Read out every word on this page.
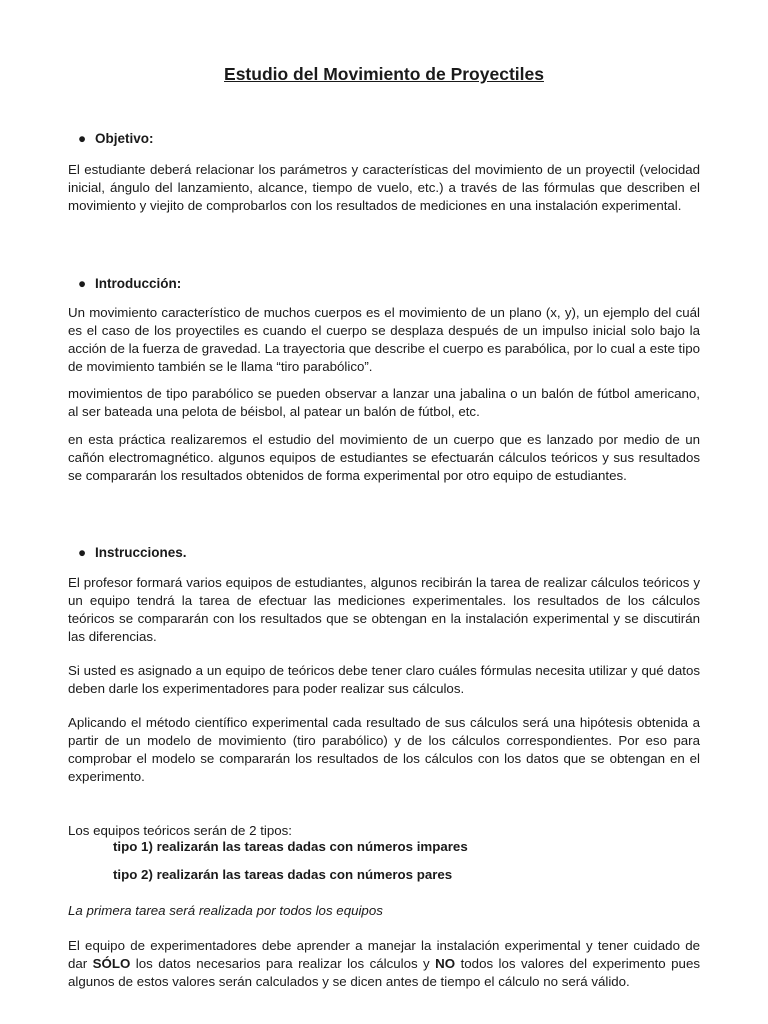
Estudio del Movimiento de Proyectiles
● Objetivo:

El estudiante deberá relacionar los parámetros y características del movimiento de un proyectil (velocidad inicial, ángulo del lanzamiento, alcance, tiempo de vuelo, etc.) a través de las fórmulas que describen el movimiento y viejito de comprobarlos con los resultados de mediciones en una instalación experimental.

● Introducción:

Un movimiento característico de muchos cuerpos es el movimiento de un plano (x, y), un ejemplo del cuál es el caso de los proyectiles es cuando el cuerpo se desplaza después de un impulso inicial solo bajo la acción de la fuerza de gravedad. La trayectoria que describe el cuerpo es parabólica, por lo cual a este tipo de movimiento también se le llama “tiro parabólico”.

movimientos de tipo parabólico se pueden observar a lanzar una jabalina o un balón de fútbol americano, al ser bateada una pelota de béisbol, al patear un balón de fútbol, etc.

en esta práctica realizaremos el estudio del movimiento de un cuerpo que es lanzado por medio de un cañón electromagnético. algunos equipos de estudiantes se efectuarán cálculos teóricos y sus resultados se compararán los resultados obtenidos de forma experimental por otro equipo de estudiantes.

● Instrucciones.

El profesor formará varios equipos de estudiantes, algunos recibirán la tarea de realizar cálculos teóricos y un equipo tendrá la tarea de efectuar las mediciones experimentales. los resultados de los cálculos teóricos se compararán con los resultados que se obtengan en la instalación experimental y se discutirán las diferencias.

Si usted es asignado a un equipo de teóricos debe tener claro cuáles fórmulas necesita utilizar y qué datos deben darle los experimentadores para poder realizar sus cálculos.

Aplicando el método científico experimental cada resultado de sus cálculos será una hipótesis obtenida a partir de un modelo de movimiento (tiro parabólico) y de los cálculos correspondientes. Por eso para comprobar el modelo se compararán los resultados de los cálculos con los datos que se obtengan en el experimento.

Los equipos teóricos serán de 2 tipos:

tipo 1) realizarán las tareas dadas con números impares
tipo 2) realizarán las tareas dadas con números pares

La primera tarea será realizada por todos los equipos

El equipo de experimentadores debe aprender a manejar la instalación experimental y tener cuidado de dar SÓLO los datos necesarios para realizar los cálculos y NO todos los valores del experimento pues algunos de estos valores serán calculados y se dicen antes de tiempo el cálculo no será válido.
